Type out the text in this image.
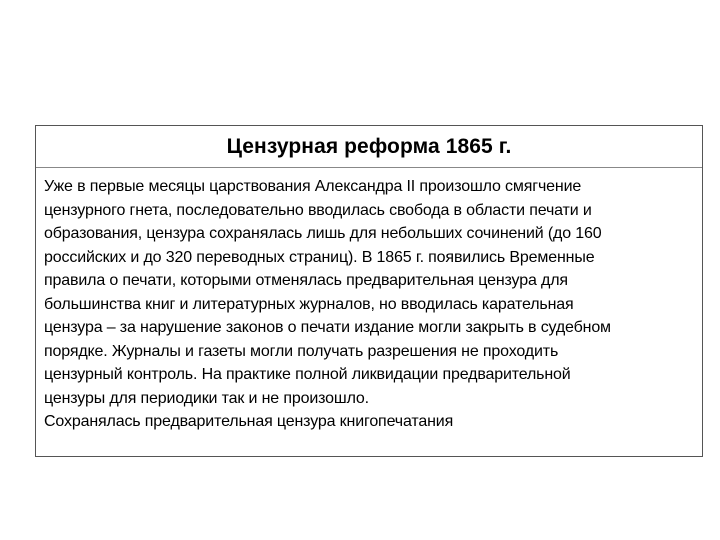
Цензурная реформа 1865 г.
Уже в первые месяцы царствования Александра II произошло смягчение
цензурного гнета, последовательно вводилась свобода в области печати и
образования, цензура сохранялась лишь для небольших сочинений (до 160
российских и до 320 переводных страниц). В 1865 г. появились Временные
правила о печати, которыми отменялась предварительная цензура для
большинства книг и литературных журналов, но вводилась карательная
цензура – за нарушение законов о печати издание могли закрыть в судебном
порядке. Журналы и газеты могли получать разрешения не проходить
цензурный контроль. На практике полной ликвидации предварительной
цензуры для периодики так и не произошло.
Сохранялась предварительная цензура книгопечатания
